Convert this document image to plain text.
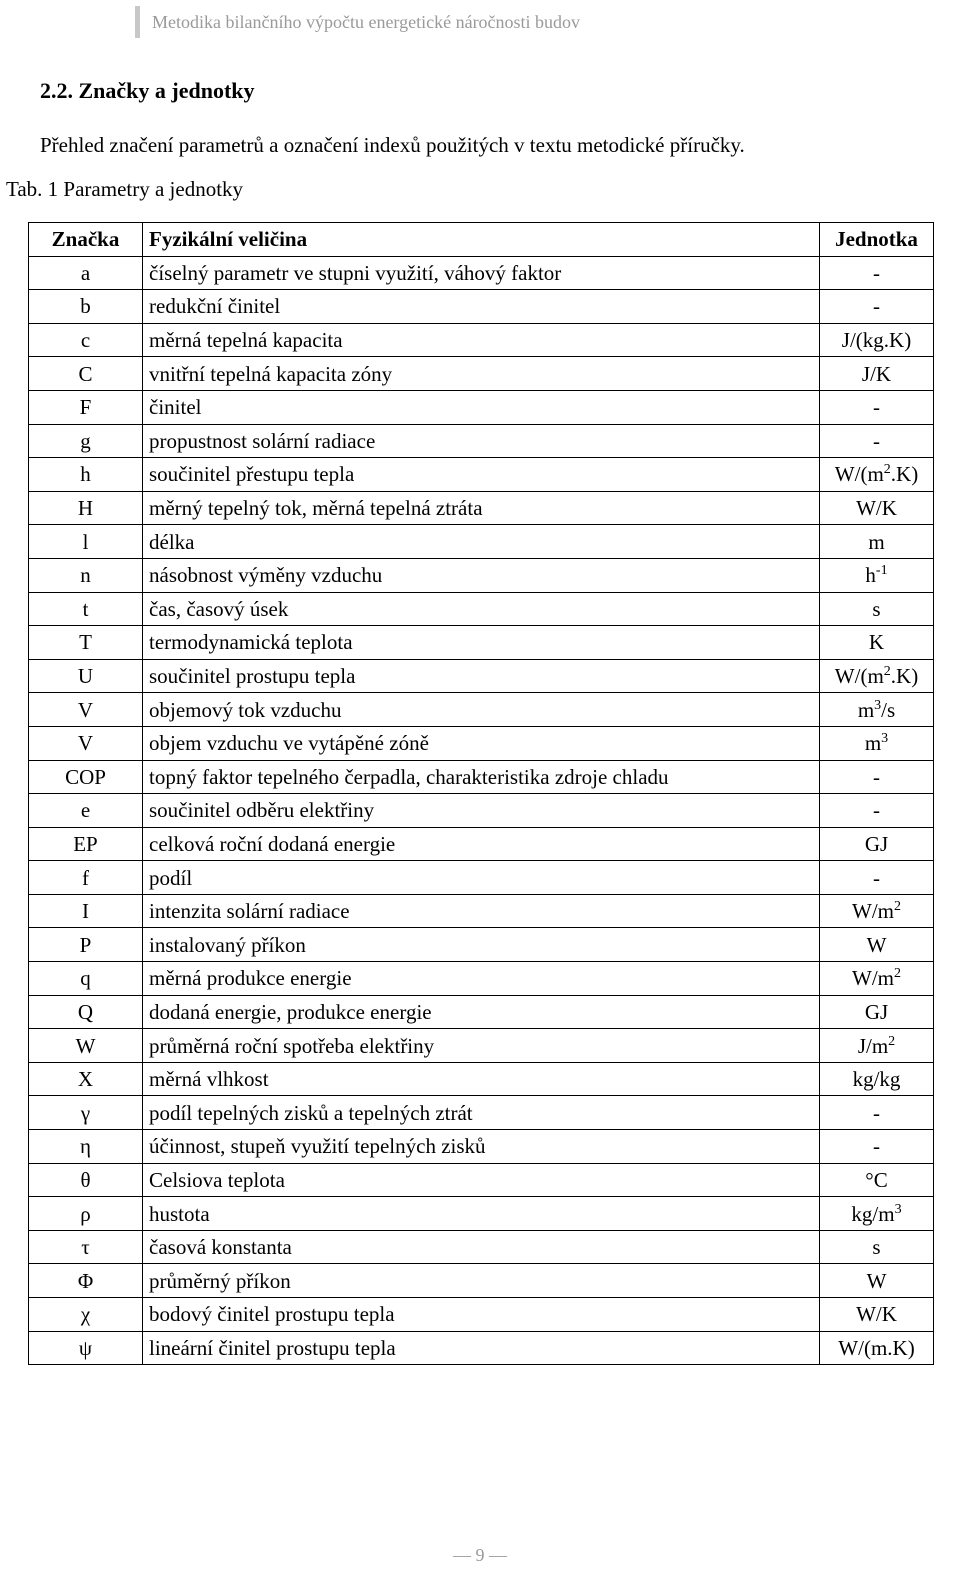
Metodika bilančního výpočtu energetické náročnosti budov
2.2. Značky a jednotky
Přehled značení parametrů a označení indexů použitých v textu metodické příručky.
Tab. 1 Parametry a jednotky
Značka	Fyzikální veličina	Jednotka
a	číselný parametr ve stupni využití, váhový faktor	-
b	redukční činitel	-
c	měrná tepelná kapacita	J/(kg.K)
C	vnitřní tepelná kapacita zóny	J/K
F	činitel	-
g	propustnost solární radiace	-
h	součinitel přestupu tepla	$W/(m^2.K)$
H	měrný tepelný tok, měrná tepelná ztráta	W/K
l	délka	m
n	násobnost výměny vzduchu	$h^{-1}$
t	čas, časový úsek	s
T	termodynamická teplota	K
U	součinitel prostupu tepla	$W/(m^2.K)$
V	objemový tok vzduchu	$m^3/s$
V	objem vzduchu ve vytápěné zóně	$m^3$
COP	topný faktor tepelného čerpadla, charakteristika zdroje chladu	-
e	součinitel odběru elektřiny	-
EP	celková roční dodaná energie	GJ
f	podíl	-
I	intenzita solární radiace	$W/m^2$
P	instalovaný příkon	W
q	měrná produkce energie	$W/m^2$
Q	dodaná energie, produkce energie	GJ
W	průměrná roční spotřeba elektřiny	$J/m^2$
X	měrná vlhkost	kg/kg
γ	podíl tepelných zisků a tepelných ztrát	-
η	účinnost, stupeň využití tepelných zisků	-
θ	Celsiova teplota	°C
ρ	hustota	$kg/m^3$
τ	časová konstanta	s
Φ	průměrný příkon	W
χ	bodový činitel prostupu tepla	W/K
ψ	lineární činitel prostupu tepla	W/(m.K)
— 9 —
